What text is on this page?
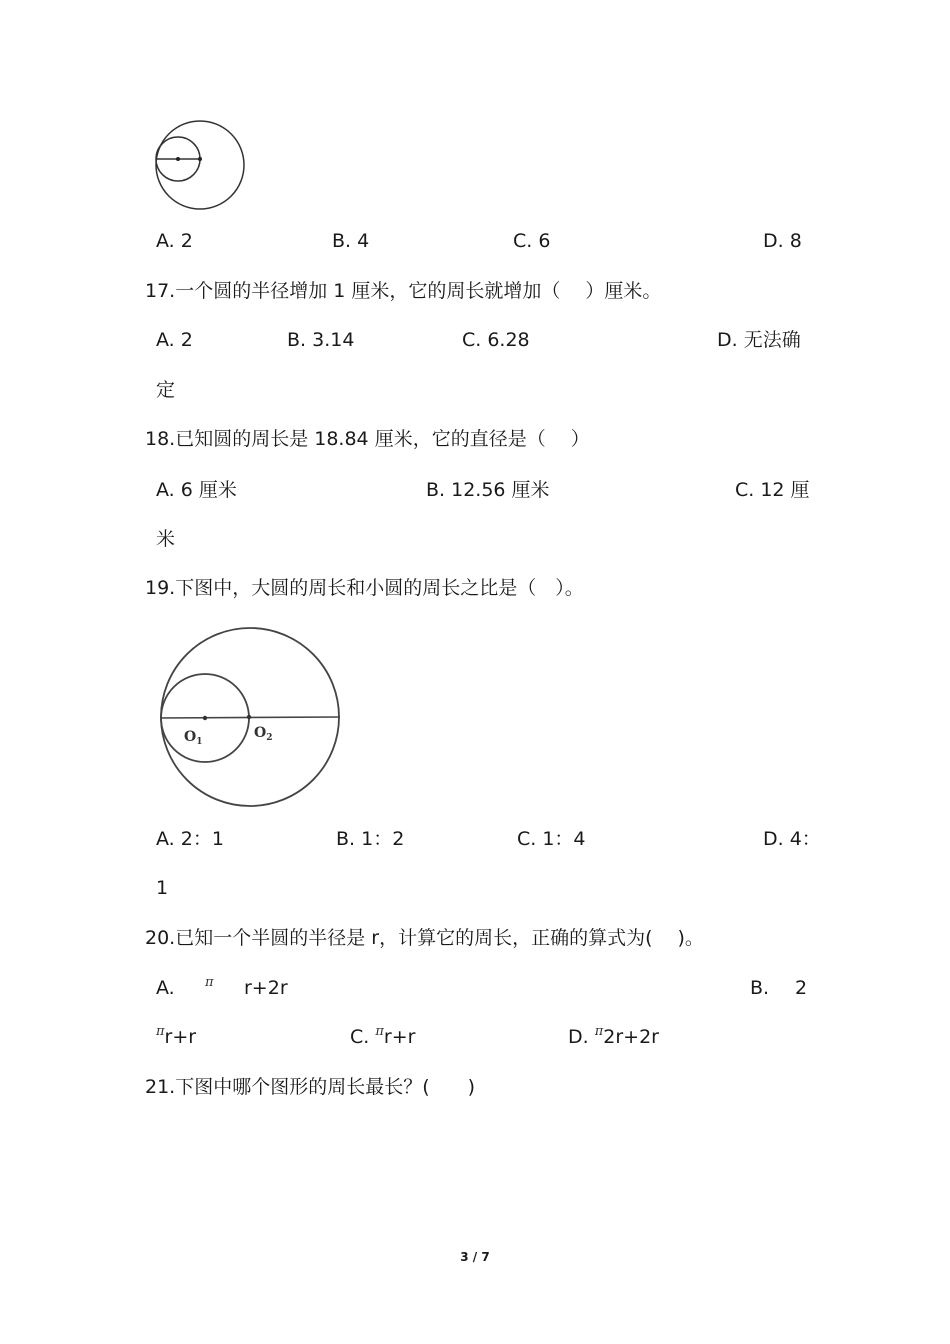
A. 2	B. 4	C. 6	D. 8
17.一个圆的半径增加 1 厘米，它的周长就增加（　 ）厘米。
A. 2	B. 3.14	C. 6.28	D. 无法确
定
18.已知圆的周长是 18.84 厘米，它的直径是（　 ）
A. 6 厘米	B. 12.56 厘米	C. 12 厘
米
19.下图中，大圆的周长和小圆的周长之比是（　）。
$O_1$
$O_2$
A. 2：1	B. 1：2	C. 1：4	D. 4：
1
20.已知一个半圆的半径是 r，计算它的周长，正确的算式为(　 )。
A. $^\pi$ r+2r	B. 2
$^\pi$r+r	C. $^\pi$r+r	D. $^\pi$2r+2r
21.下图中哪个图形的周长最长？(　　)
3 / 7
